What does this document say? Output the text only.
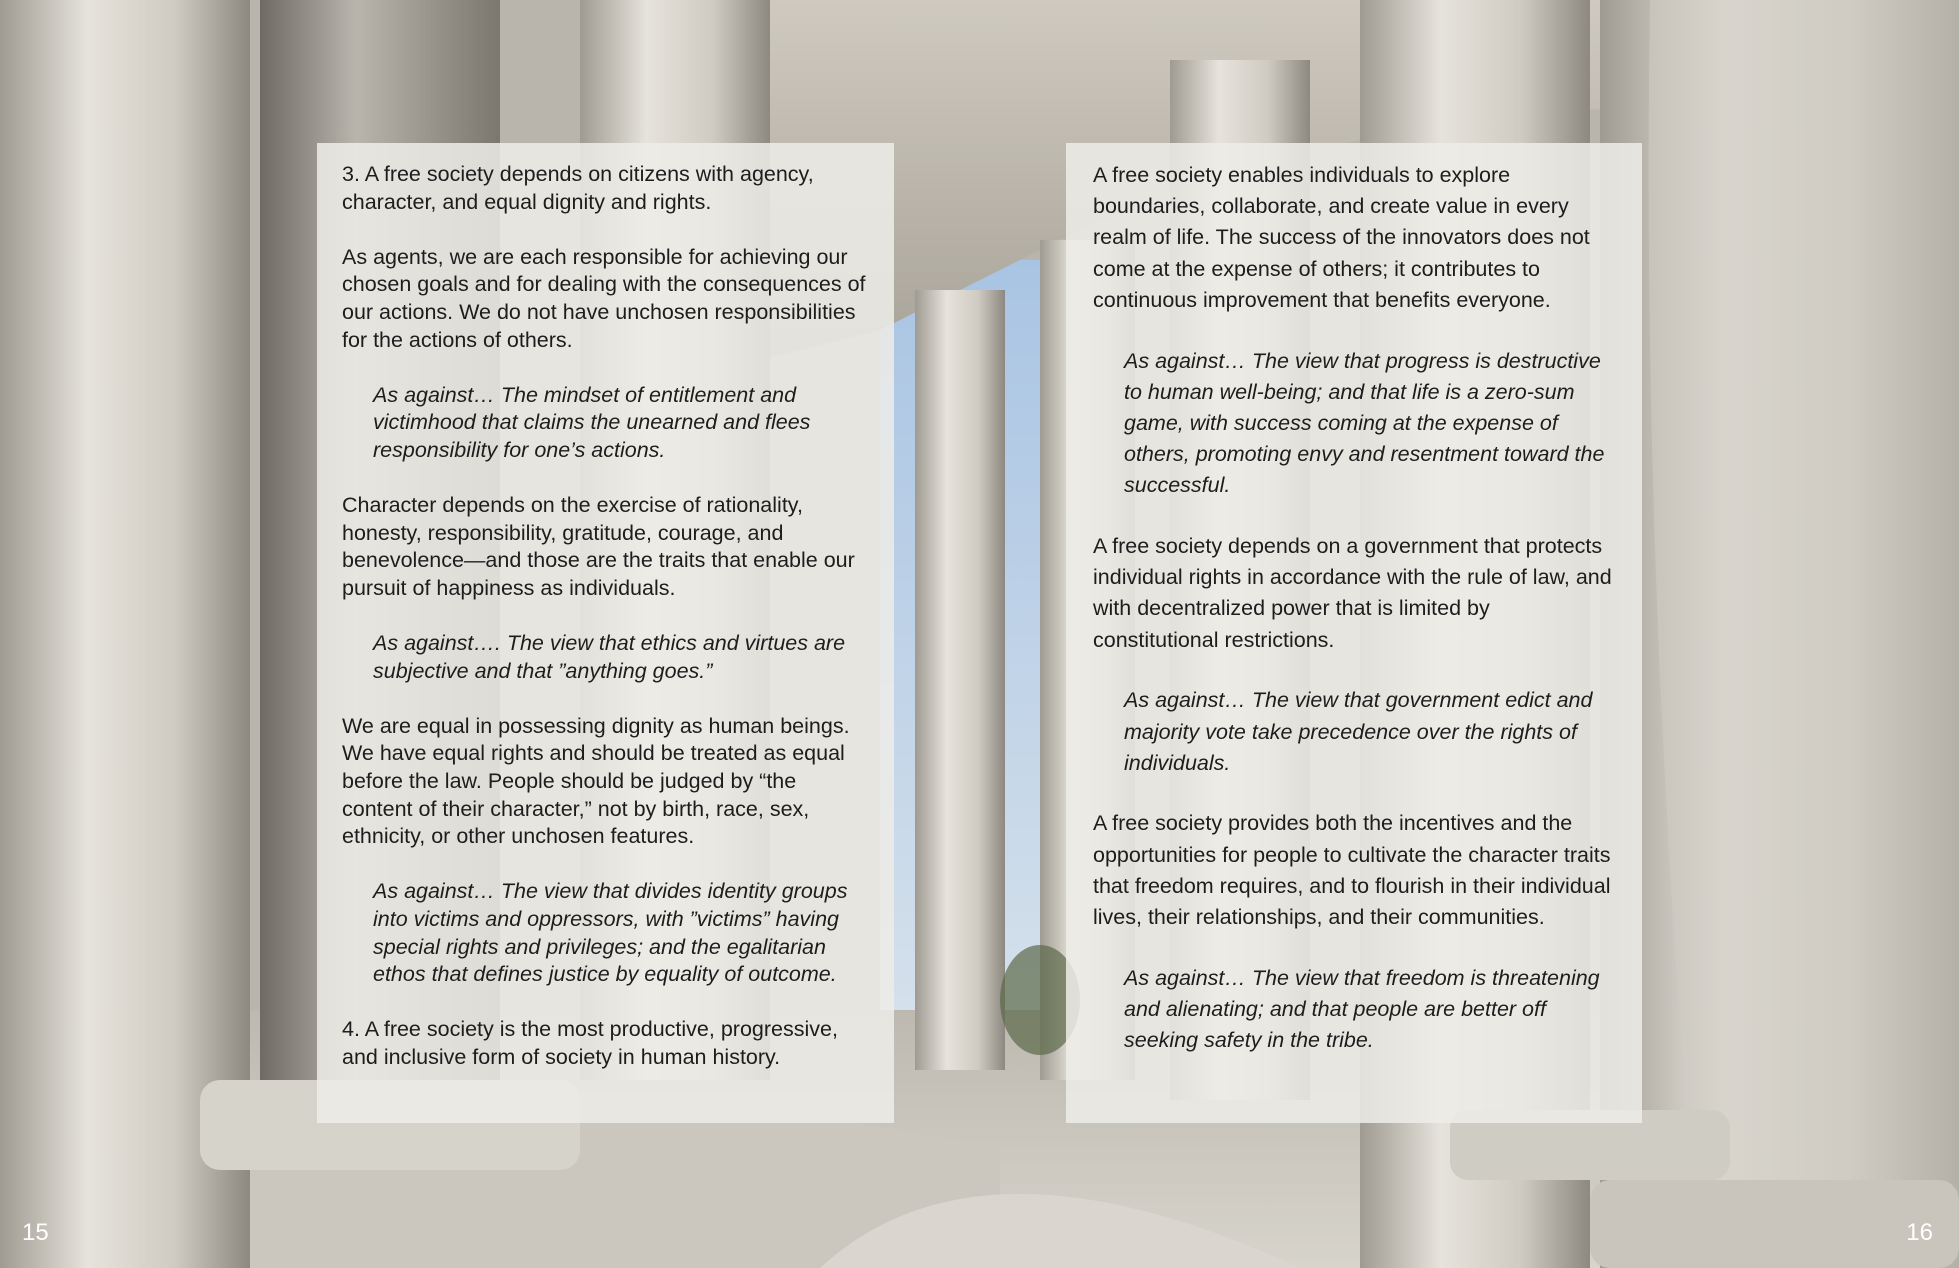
3. A free society depends on citizens with agency, character, and equal dignity and rights.

As agents, we are each responsible for achieving our chosen goals and for dealing with the consequences of our actions. We do not have unchosen responsibilities for the actions of others.

As against… The mindset of entitlement and victimhood that claims the unearned and flees responsibility for one’s actions.

Character depends on the exercise of rationality, honesty, responsibility, gratitude, courage, and benevolence—and those are the traits that enable our pursuit of happiness as individuals.

As against…. The view that ethics and virtues are subjective and that ”anything goes.”

We are equal in possessing dignity as human beings. We have equal rights and should be treated as equal before the law. People should be judged by “the content of their character,” not by birth, race, sex, ethnicity, or other unchosen features.

As against… The view that divides identity groups into victims and oppressors, with ”victims” having special rights and privileges; and the egalitarian ethos that defines justice by equality of outcome.

4. A free society is the most productive, progressive, and inclusive form of society in human history.

A free society enables individuals to explore boundaries, collaborate, and create value in every realm of life. The success of the innovators does not come at the expense of others; it contributes to continuous improvement that benefits everyone.

As against… The view that progress is destructive to human well-being; and that life is a zero-sum game, with success coming at the expense of others, promoting envy and resentment toward the successful.

A free society depends on a government that protects individual rights in accordance with the rule of law, and with decentralized power that is limited by constitutional restrictions.

As against… The view that government edict and majority vote take precedence over the rights of individuals.

A free society provides both the incentives and the opportunities for people to cultivate the character traits that freedom requires, and to flourish in their individual lives, their relationships, and their communities.

As against… The view that freedom is threatening and alienating; and that people are better off seeking safety in the tribe.

15	16
